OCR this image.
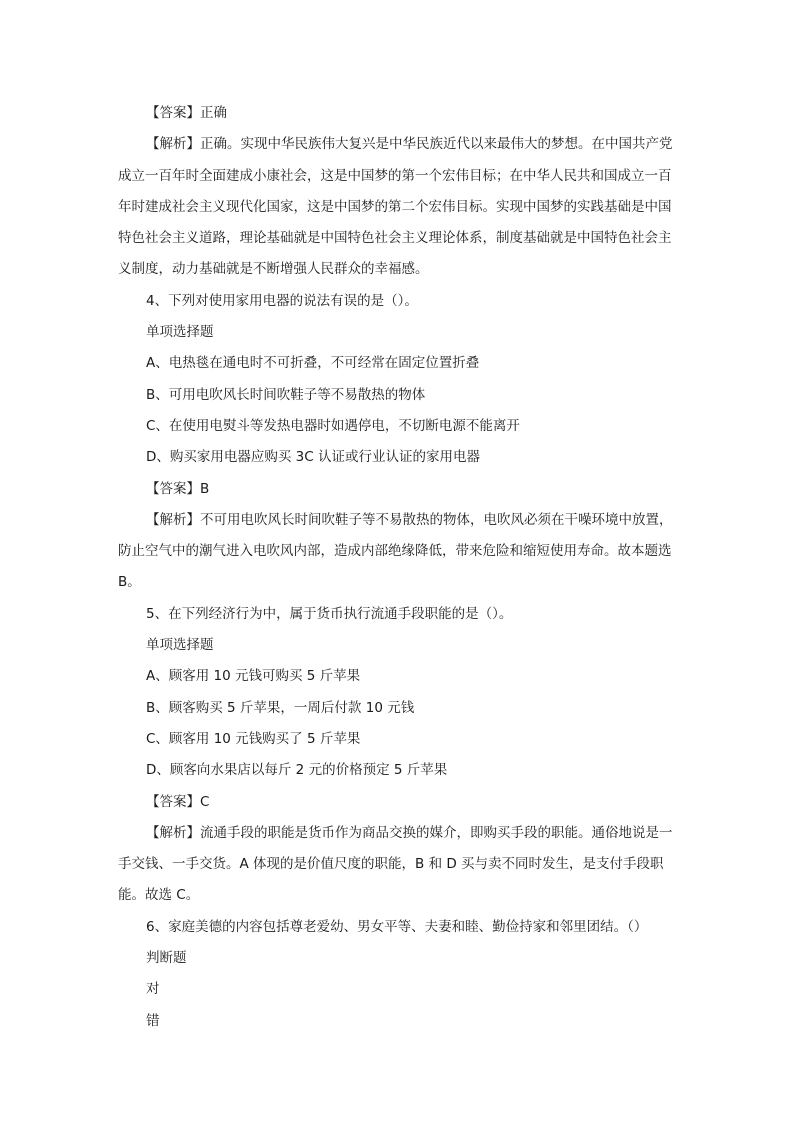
【答案】正确

【解析】正确。实现中华民族伟大复兴是中华民族近代以来最伟大的梦想。在中国共产党成立一百年时全面建成小康社会，这是中国梦的第一个宏伟目标；在中华人民共和国成立一百年时建成社会主义现代化国家，这是中国梦的第二个宏伟目标。实现中国梦的实践基础是中国特色社会主义道路，理论基础就是中国特色社会主义理论体系，制度基础就是中国特色社会主义制度，动力基础就是不断增强人民群众的幸福感。

4、下列对使用家用电器的说法有误的是（）。

单项选择题

A、电热毯在通电时不可折叠，不可经常在固定位置折叠

B、可用电吹风长时间吹鞋子等不易散热的物体

C、在使用电熨斗等发热电器时如遇停电，不切断电源不能离开

D、购买家用电器应购买 3C 认证或行业认证的家用电器

【答案】B

【解析】不可用电吹风长时间吹鞋子等不易散热的物体，电吹风必须在干噪环境中放置，防止空气中的潮气进入电吹风内部，造成内部绝缘降低，带来危险和缩短使用寿命。故本题选 B。

5、在下列经济行为中，属于货币执行流通手段职能的是（）。

单项选择题

A、顾客用 10 元钱可购买 5 斤苹果

B、顾客购买 5 斤苹果，一周后付款 10 元钱

C、顾客用 10 元钱购买了 5 斤苹果

D、顾客向水果店以每斤 2 元的价格预定 5 斤苹果

【答案】C

【解析】流通手段的职能是货币作为商品交换的媒介，即购买手段的职能。通俗地说是一手交钱、一手交货。A 体现的是价值尺度的职能，B 和 D 买与卖不同时发生，是支付手段职能。故选 C。

6、家庭美德的内容包括尊老爱幼、男女平等、夫妻和睦、勤俭持家和邻里团结。（）

判断题

对

错
